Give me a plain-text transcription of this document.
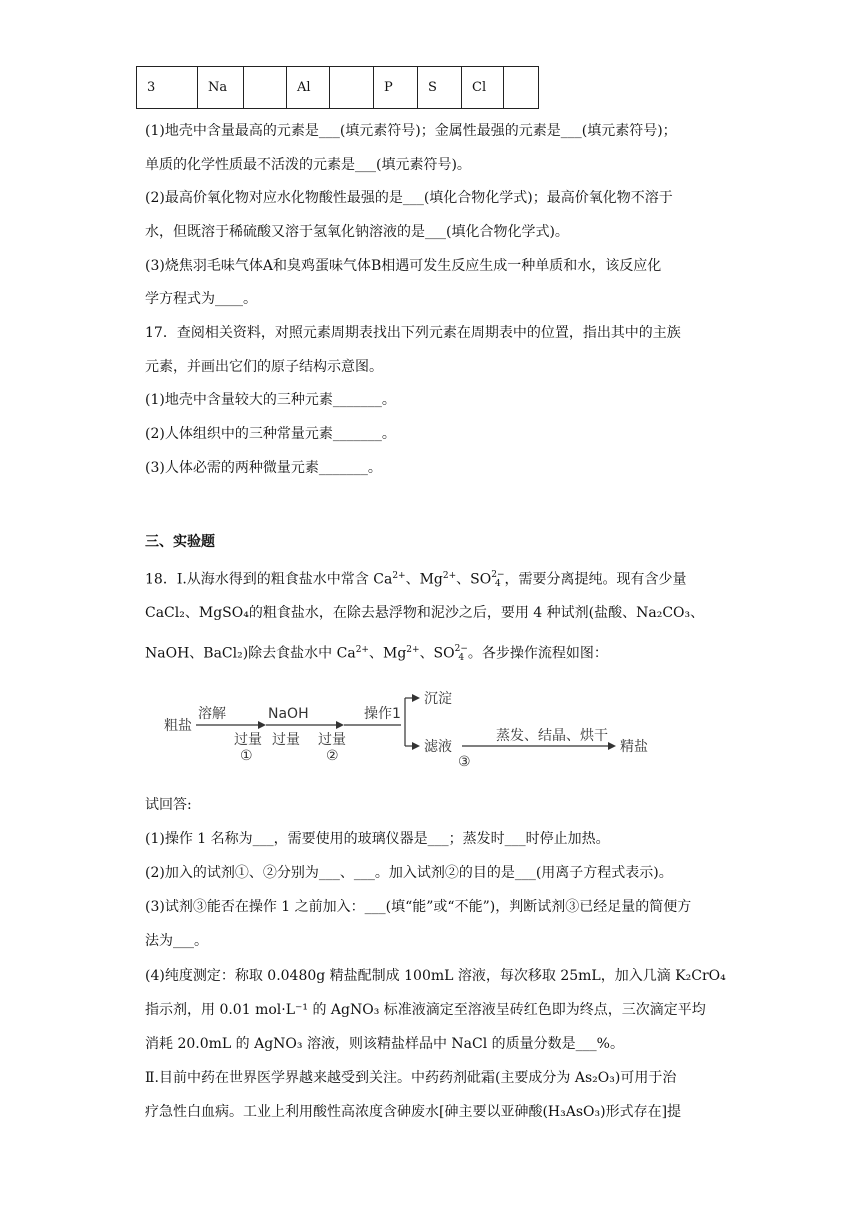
3	Na		Al		P	S	Cl	
(1)地壳中含量最高的元素是___(填元素符号)；金属性最强的元素是___(填元素符号)；
单质的化学性质最不活泼的元素是___(填元素符号)。
(2)最高价氧化物对应水化物酸性最强的是___(填化合物化学式)；最高价氧化物不溶于
水，但既溶于稀硫酸又溶于氢氧化钠溶液的是___(填化合物化学式)。
(3)烧焦羽毛味气体A和臭鸡蛋味气体B相遇可发生反应生成一种单质和水，该反应化
学方程式为____。
17．查阅相关资料，对照元素周期表找出下列元素在周期表中的位置，指出其中的主族
元素，并画出它们的原子结构示意图。
(1)地壳中含量较大的三种元素_______。
(2)人体组织中的三种常量元素_______。
(3)人体必需的两种微量元素_______。
三、实验题
18．Ⅰ.从海水得到的粗食盐水中常含 $Ca^{2+}$、$Mg^{2+}$、SO 2−
4 ，需要分离提纯。现有含少量
CaCl₂、MgSO₄的粗食盐水，在除去悬浮物和泥沙之后，要用 4 种试剂(盐酸、Na₂CO₃、
NaOH、BaCl₂)除去食盐水中 $Ca^{2+}$、$Mg^{2+}$、SO 2−
4 。各步操作流程如图：
粗盐
溶解
过量
①
NaOH
过量 过量
②
操作1
沉淀
滤液
蒸发、结晶、烘干
③
精盐
试回答:
(1)操作 1 名称为___，需要使用的玻璃仪器是___；蒸发时___时停止加热。
(2)加入的试剂①、②分别为___、___。加入试剂②的目的是___(用离子方程式表示)。
(3)试剂③能否在操作 1 之前加入：___(填“能”或“不能”)，判断试剂③已经足量的简便方
法为___。
(4)纯度测定：称取 0.0480g 精盐配制成 100mL 溶液，每次移取 25mL，加入几滴 K₂CrO₄
指示剂，用 0.01 mol·L⁻¹ 的 AgNO₃ 标准液滴定至溶液呈砖红色即为终点，三次滴定平均
消耗 20.0mL 的 AgNO₃ 溶液，则该精盐样品中 NaCl 的质量分数是___%。
Ⅱ.目前中药在世界医学界越来越受到关注。中药药剂砒霜(主要成分为 As₂O₃)可用于治
疗急性白血病。工业上利用酸性高浓度含砷废水[砷主要以亚砷酸(H₃AsO₃)形式存在]提
